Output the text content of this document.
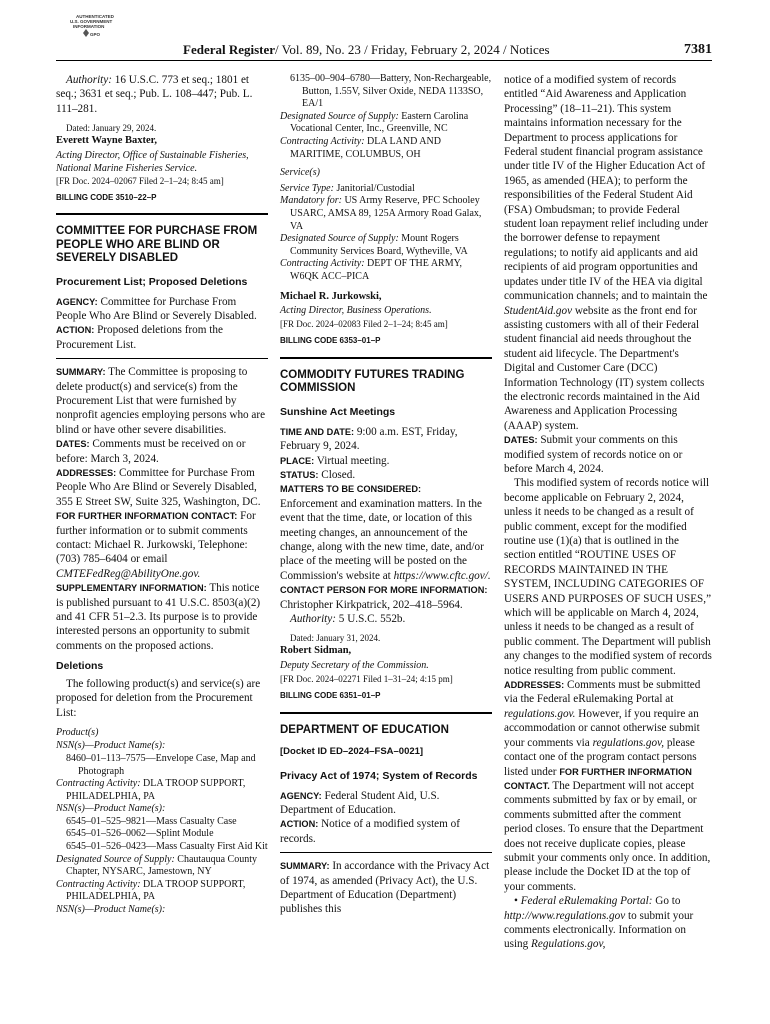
AUTHENTICATED
U.S. GOVERNMENT
INFORMATION
GPO
Federal Register/ Vol. 89, No. 23 / Friday, February 2, 2024 / Notices	7381

Authority: 16 U.S.C. 773 et seq.; 1801 et seq.; 3631 et seq.; Pub. L. 108–447; Pub. L. 111–281.

Dated: January 29, 2024.

Everett Wayne Baxter,

Acting Director, Office of Sustainable Fisheries, National Marine Fisheries Service.

[FR Doc. 2024–02067 Filed 2–1–24; 8:45 am]

BILLING CODE 3510–22–P

COMMITTEE FOR PURCHASE FROM PEOPLE WHO ARE BLIND OR SEVERELY DISABLED

Procurement List; Proposed Deletions

AGENCY: Committee for Purchase From People Who Are Blind or Severely Disabled.

ACTION: Proposed deletions from the Procurement List.

SUMMARY: The Committee is proposing to delete product(s) and service(s) from the Procurement List that were furnished by nonprofit agencies employing persons who are blind or have other severe disabilities.

DATES: Comments must be received on or before: March 3, 2024.

ADDRESSES: Committee for Purchase From People Who Are Blind or Severely Disabled, 355 E Street SW, Suite 325, Washington, DC.

FOR FURTHER INFORMATION CONTACT: For further information or to submit comments contact: Michael R. Jurkowski, Telephone: (703) 785–6404 or email CMTEFedReg@AbilityOne.gov.

SUPPLEMENTARY INFORMATION: This notice is published pursuant to 41 U.S.C. 8503(a)(2) and 41 CFR 51–2.3. Its purpose is to provide interested persons an opportunity to submit comments on the proposed actions.

Deletions

The following product(s) and service(s) are proposed for deletion from the Procurement List:

Product(s)

NSN(s)—Product Name(s):

8460–01–113–7575—Envelope Case, Map and Photograph

Contracting Activity: DLA TROOP SUPPORT, PHILADELPHIA, PA

NSN(s)—Product Name(s):

6545–01–525–9821—Mass Casualty Case

6545–01–526–0062—Splint Module

6545–01–526–0423—Mass Casualty First Aid Kit

Designated Source of Supply: Chautauqua County Chapter, NYSARC, Jamestown, NY

Contracting Activity: DLA TROOP SUPPORT, PHILADELPHIA, PA

NSN(s)—Product Name(s):

6135–00–904–6780—Battery, Non-Rechargeable, Button, 1.55V, Silver Oxide, NEDA 1133SO, EA/1

Designated Source of Supply: Eastern Carolina Vocational Center, Inc., Greenville, NC

Contracting Activity: DLA LAND AND MARITIME, COLUMBUS, OH

Service(s)

Service Type: Janitorial/Custodial

Mandatory for: US Army Reserve, PFC Schooley USARC, AMSA 89, 125A Armory Road Galax, VA

Designated Source of Supply: Mount Rogers Community Services Board, Wytheville, VA

Contracting Activity: DEPT OF THE ARMY, W6QK ACC–PICA

Michael R. Jurkowski,

Acting Director, Business Operations.

[FR Doc. 2024–02083 Filed 2–1–24; 8:45 am]

BILLING CODE 6353–01–P

COMMODITY FUTURES TRADING COMMISSION

Sunshine Act Meetings

TIME AND DATE: 9:00 a.m. EST, Friday, February 9, 2024.

PLACE: Virtual meeting.

STATUS: Closed.

MATTERS TO BE CONSIDERED:

Enforcement and examination matters. In the event that the time, date, or location of this meeting changes, an announcement of the change, along with the new time, date, and/or place of the meeting will be posted on the Commission's website at https://www.cftc.gov/.

CONTACT PERSON FOR MORE INFORMATION: Christopher Kirkpatrick, 202–418–5964.

Authority: 5 U.S.C. 552b.

Dated: January 31, 2024.

Robert Sidman,

Deputy Secretary of the Commission.

[FR Doc. 2024–02271 Filed 1–31–24; 4:15 pm]

BILLING CODE 6351–01–P

DEPARTMENT OF EDUCATION

[Docket ID ED–2024–FSA–0021]

Privacy Act of 1974; System of Records

AGENCY: Federal Student Aid, U.S. Department of Education.

ACTION: Notice of a modified system of records.

SUMMARY: In accordance with the Privacy Act of 1974, as amended (Privacy Act), the U.S. Department of Education (Department) publishes this

notice of a modified system of records entitled “Aid Awareness and Application Processing” (18–11–21). This system maintains information necessary for the Department to process applications for Federal student financial program assistance under title IV of the Higher Education Act of 1965, as amended (HEA); to perform the responsibilities of the Federal Student Aid (FSA) Ombudsman; to provide Federal student loan repayment relief including under the borrower defense to repayment regulations; to notify aid applicants and aid recipients of aid program opportunities and updates under title IV of the HEA via digital communication channels; and to maintain the StudentAid.gov website as the front end for assisting customers with all of their Federal student financial aid needs throughout the student aid lifecycle. The Department's Digital and Customer Care (DCC) Information Technology (IT) system collects the electronic records maintained in the Aid Awareness and Application Processing (AAAP) system.

DATES: Submit your comments on this modified system of records notice on or before March 4, 2024.

This modified system of records notice will become applicable on February 2, 2024, unless it needs to be changed as a result of public comment, except for the modified routine use (1)(a) that is outlined in the section entitled “ROUTINE USES OF RECORDS MAINTAINED IN THE SYSTEM, INCLUDING CATEGORIES OF USERS AND PURPOSES OF SUCH USES,” which will be applicable on March 4, 2024, unless it needs to be changed as a result of public comment. The Department will publish any changes to the modified system of records notice resulting from public comment.

ADDRESSES: Comments must be submitted via the Federal eRulemaking Portal at regulations.gov. However, if you require an accommodation or cannot otherwise submit your comments via regulations.gov, please contact one of the program contact persons listed under FOR FURTHER INFORMATION CONTACT. The Department will not accept comments submitted by fax or by email, or comments submitted after the comment period closes. To ensure that the Department does not receive duplicate copies, please submit your comments only once. In addition, please include the Docket ID at the top of your comments.

• Federal eRulemaking Portal: Go to http://www.regulations.gov to submit your comments electronically. Information on using Regulations.gov,
